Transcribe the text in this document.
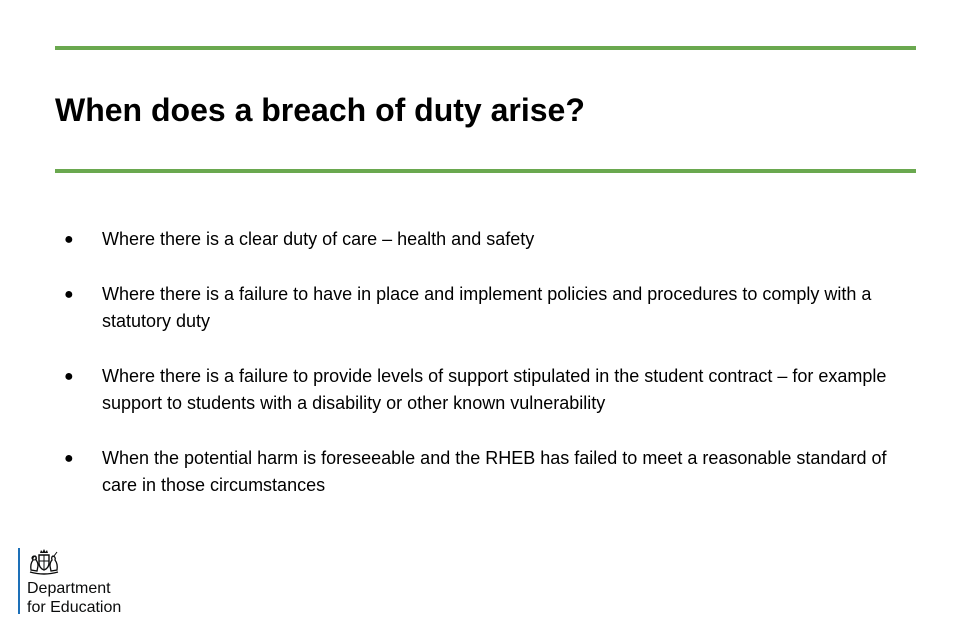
When does a breach of duty arise?
● Where there is a clear duty of care – health and safety
● Where there is a failure to have in place and implement policies and procedures to comply with a statutory duty
● Where there is a failure to provide levels of support stipulated in the student contract – for example support to students with a disability or other known vulnerability
● When the potential harm is foreseeable and the RHEB has failed to meet a reasonable standard of care in those circumstances
Department
for Education
